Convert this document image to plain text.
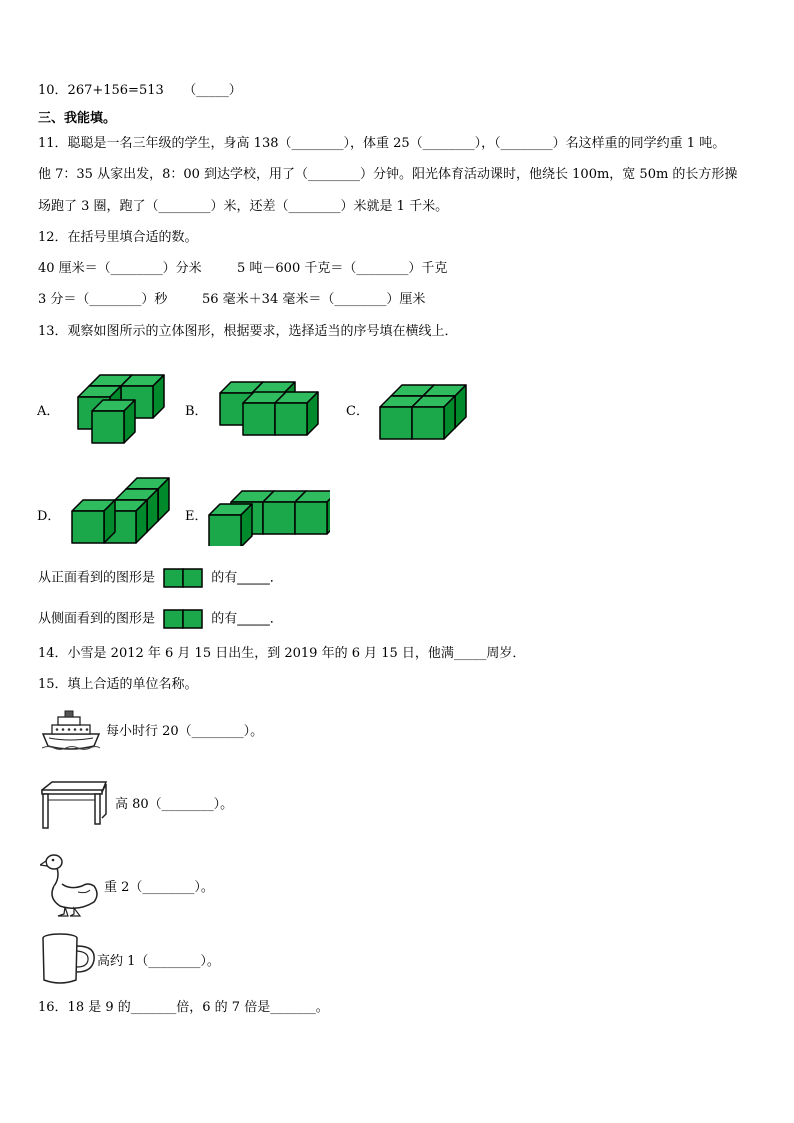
10．267+156=513　　（_____）
三、我能填。
11．聪聪是一名三年级的学生，身高 138（________），体重 25（________），（________）名这样重的同学约重 1 吨。
他 7：35 从家出发，8：00 到达学校，用了（________）分钟。阳光体育活动课时，他绕长 100m，宽 50m 的长方形操
场跑了 3 圈，跑了（________）米，还差（________）米就是 1 千米。
12．在括号里填合适的数。
40 厘米＝（________）分米	5 吨－600 千克＝（________）千克
3 分＝（________）秒	56 毫米＋34 毫米＝（________）厘米
13．观察如图所示的立体图形，根据要求，选择适当的序号填在横线上．
A．	B．	C．
D．	E．
从正面看到的图形是	的有_____．
从侧面看到的图形是	的有_____．
14．小雪是 2012 年 6 月 15 日出生，到 2019 年的 6 月 15 日，他满_____周岁．
15．填上合适的单位名称。
每小时行 20（________）。
高 80（________）。
重 2（________）。
高约 1（________）。
16．18 是 9 的_______倍，6 的 7 倍是_______。
